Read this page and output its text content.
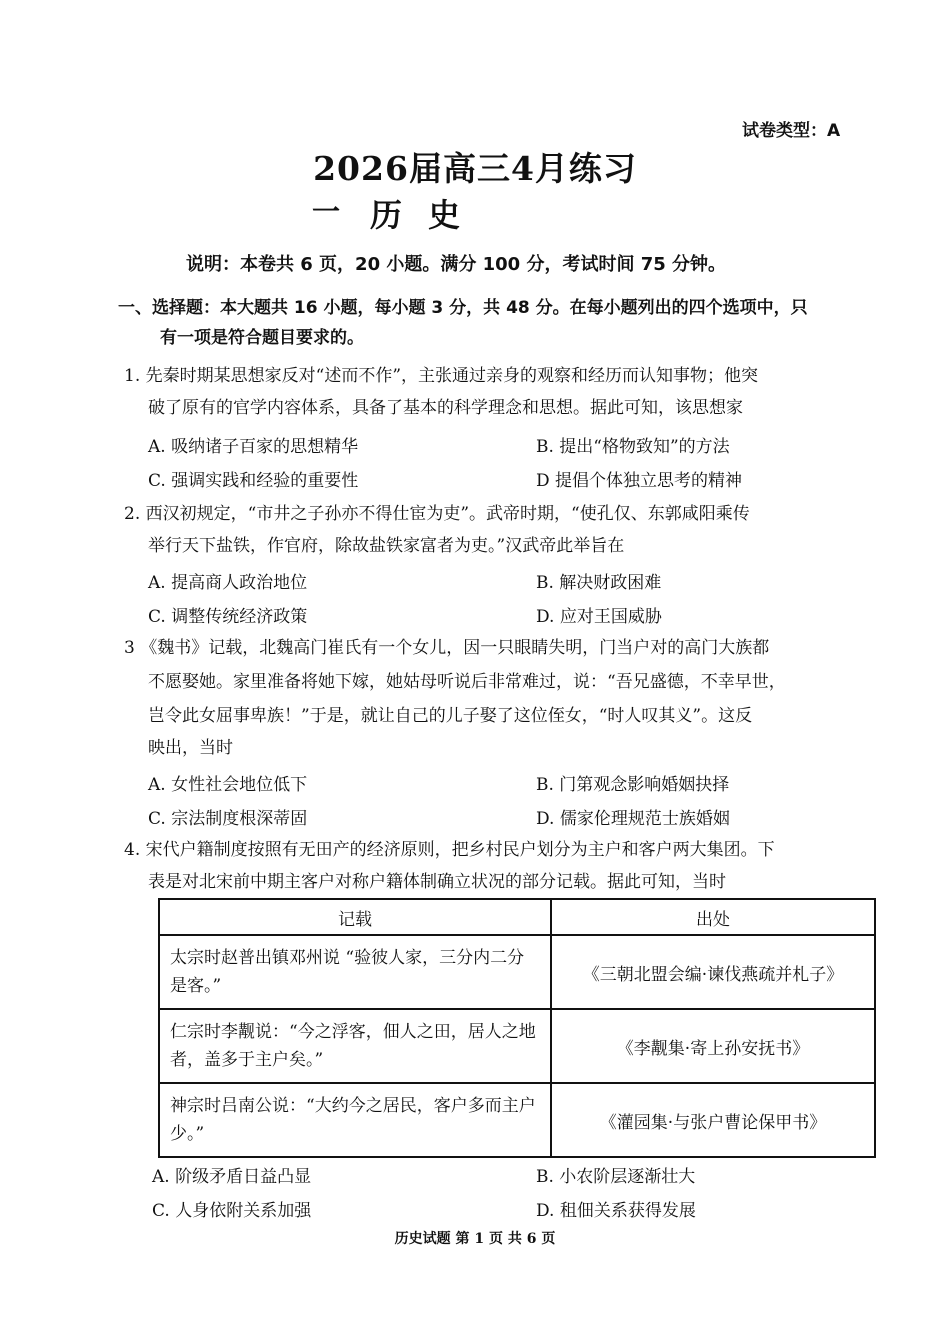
试卷类型：A
2026届高三4月练习
一 历史
说明：本卷共 6 页，20 小题。满分 100 分，考试时间 75 分钟。
一、选择题：本大题共 16 小题，每小题 3 分，共 48 分。在每小题列出的四个选项中，只
有一项是符合题目要求的。
1. 先秦时期某思想家反对“述而不作”，主张通过亲身的观察和经历而认知事物；他突
破了原有的官学内容体系，具备了基本的科学理念和思想。据此可知，该思想家
A. 吸纳诸子百家的思想精华	B. 提出“格物致知”的方法
C. 强调实践和经验的重要性	D 提倡个体独立思考的精神
2. 西汉初规定，“市井之子孙亦不得仕宦为吏”。武帝时期，“使孔仅、东郭咸阳乘传
举行天下盐铁，作官府，除故盐铁家富者为吏。”汉武帝此举旨在
A. 提高商人政治地位	B. 解决财政困难
C. 调整传统经济政策	D. 应对王国威胁
3 《魏书》记载，北魏高门崔氏有一个女儿，因一只眼睛失明，门当户对的高门大族都
不愿娶她。家里准备将她下嫁，她姑母听说后非常难过，说：“吾兄盛德，不幸早世，
岂令此女屈事卑族！”于是，就让自己的儿子娶了这位侄女，“时人叹其义”。这反
映出，当时
A. 女性社会地位低下	B. 门第观念影响婚姻抉择
C. 宗法制度根深蒂固	D. 儒家伦理规范士族婚姻
4. 宋代户籍制度按照有无田产的经济原则，把乡村民户划分为主户和客户两大集团。下
表是对北宋前中期主客户对称户籍体制确立状况的部分记载。据此可知，当时
记载	出处
太宗时赵普出镇邓州说 “验彼人家，三分内二分是客。”	《三朝北盟会编·谏伐燕疏并札子》
仁宗时李觏说：“今之浮客，佃人之田，居人之地者，盖多于主户矣。”	《李觏集·寄上孙安抚书》
神宗时吕南公说：“大约今之居民，客户多而主户少。”	《灌园集·与张户曹论保甲书》
A. 阶级矛盾日益凸显	B. 小农阶层逐渐壮大
C. 人身依附关系加强	D. 租佃关系获得发展
历史试题 第 1 页 共 6 页
